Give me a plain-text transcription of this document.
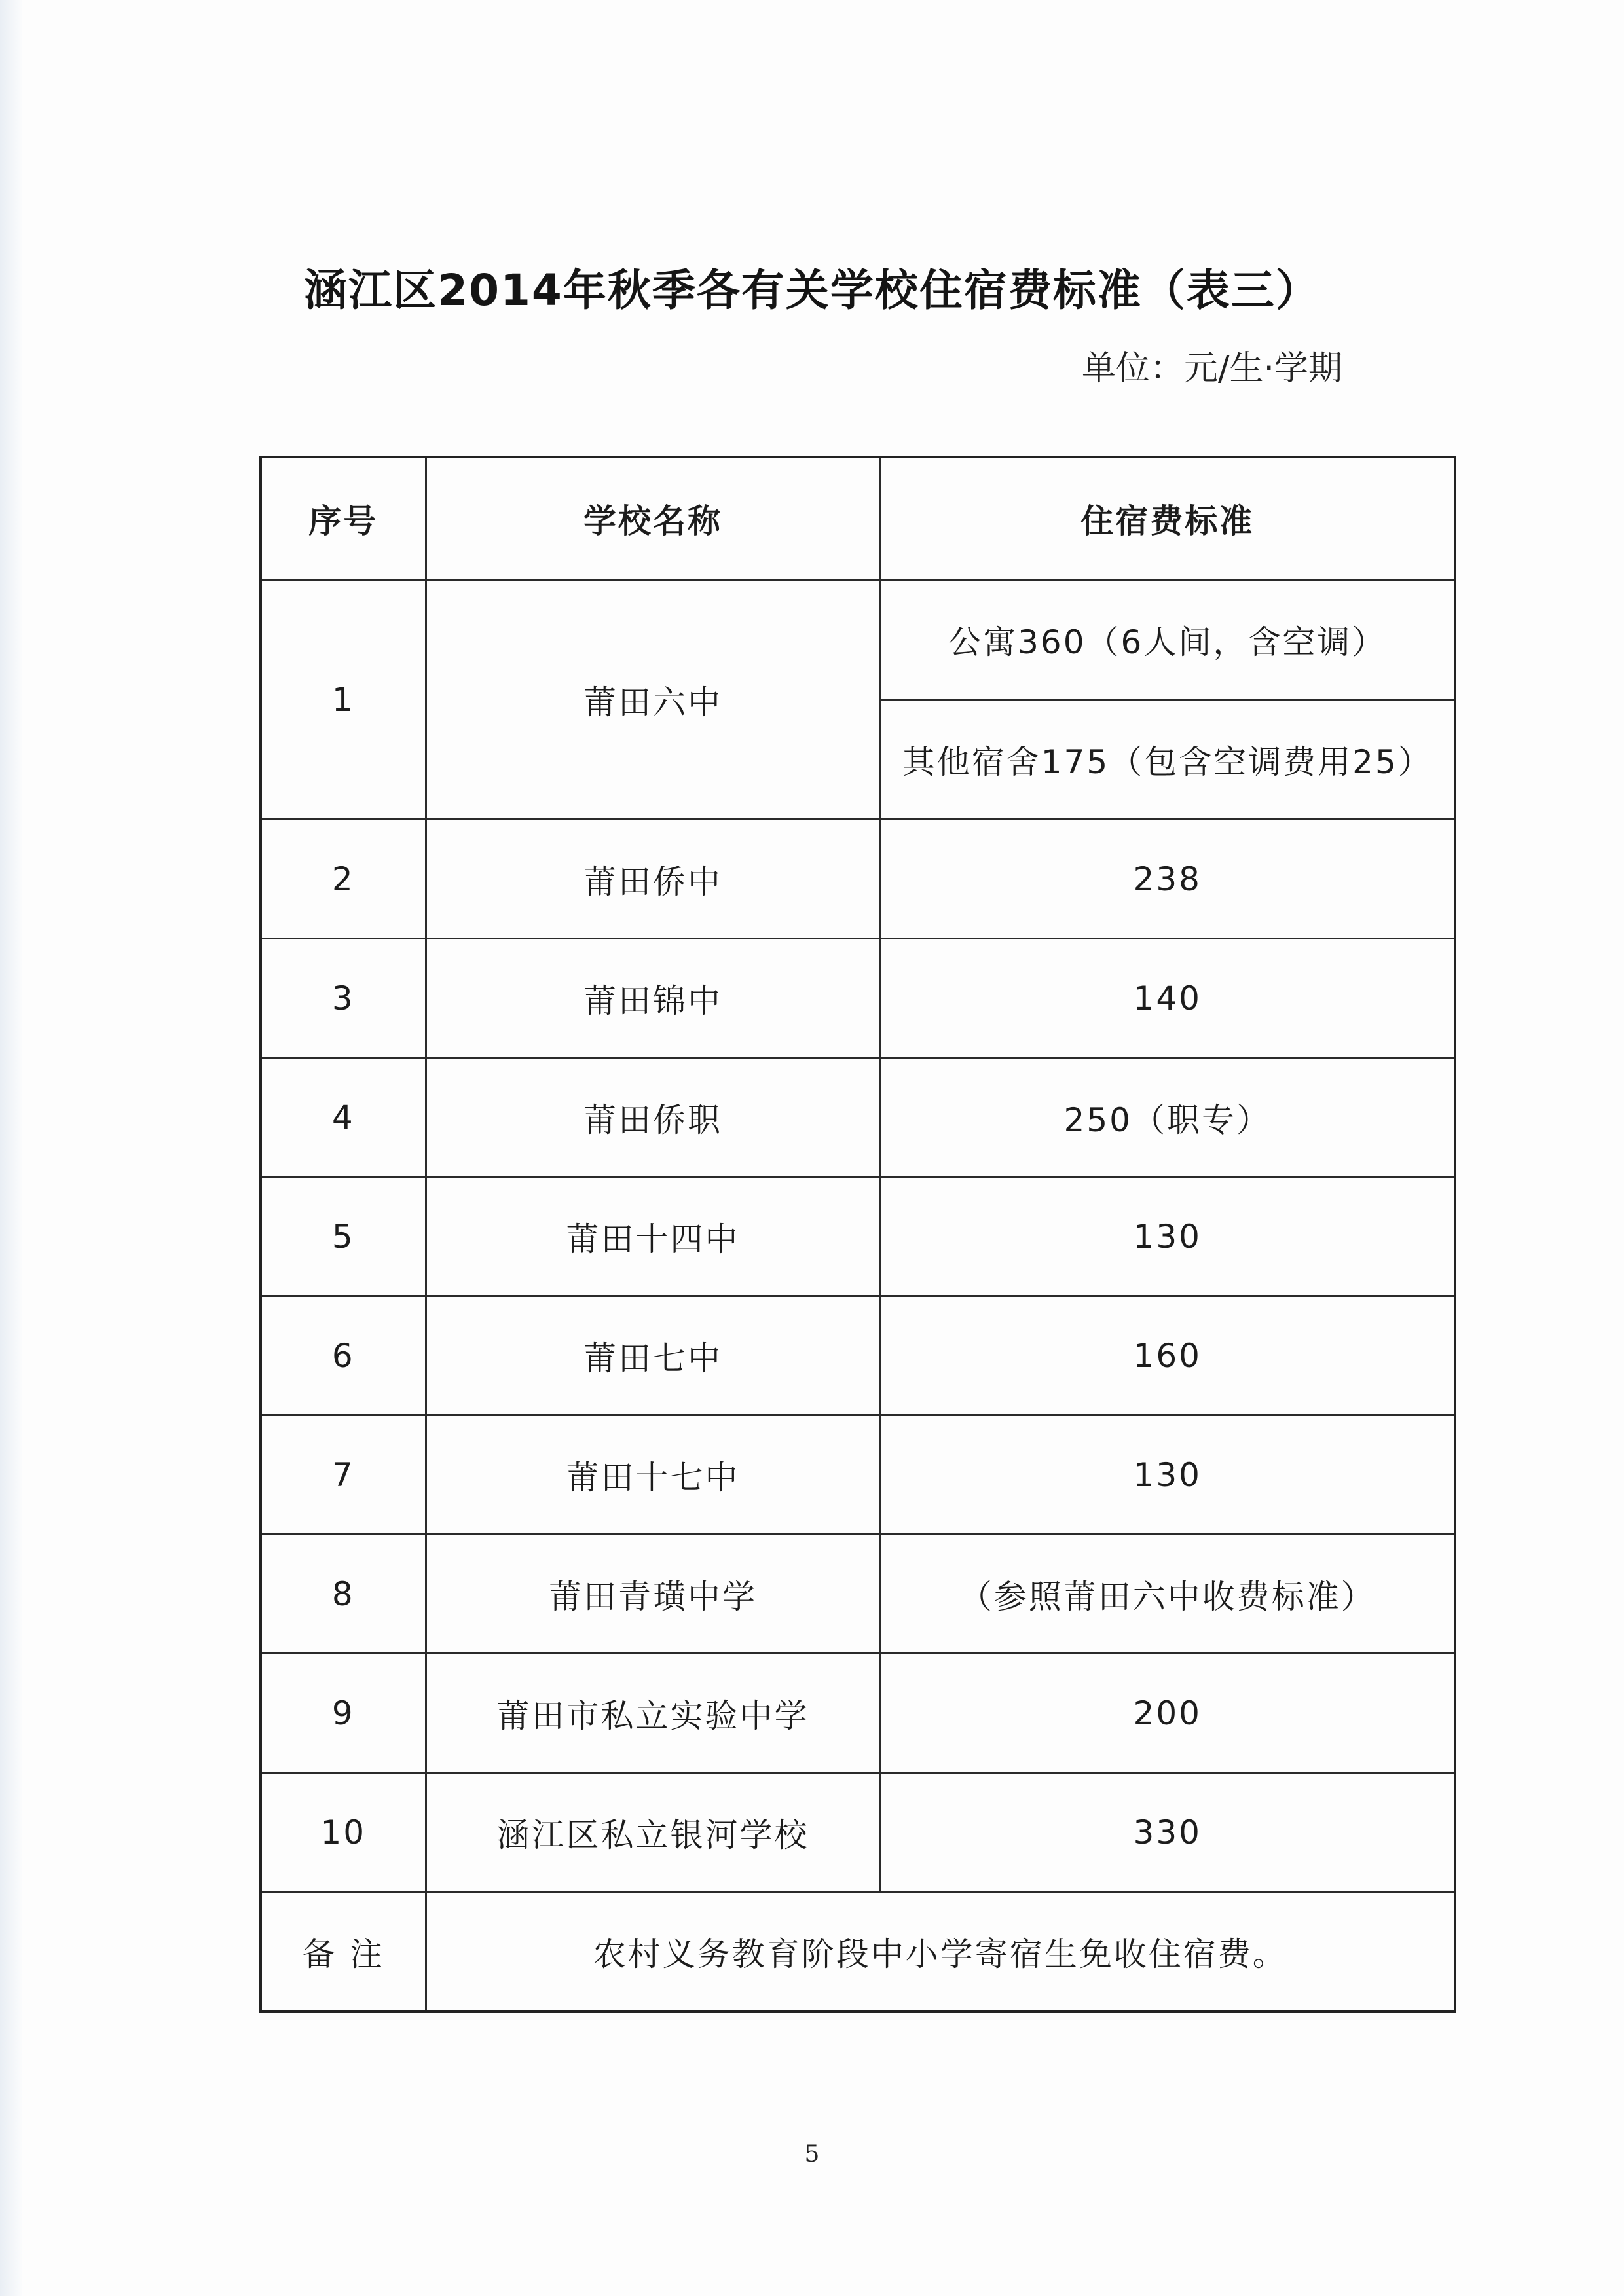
涵江区2014年秋季各有关学校住宿费标准（表三）
单位：元/生·学期
序号	学校名称	住宿费标准
1	莆田六中	公寓360（6人间，含空调）
		其他宿舍175（包含空调费用25）
2	莆田侨中	238
3	莆田锦中	140
4	莆田侨职	250（职专）
5	莆田十四中	130
6	莆田七中	160
7	莆田十七中	130
8	莆田青璜中学	（参照莆田六中收费标准）
9	莆田市私立实验中学	200
10	涵江区私立银河学校	330
备 注	农村义务教育阶段中小学寄宿生免收住宿费。	
5
